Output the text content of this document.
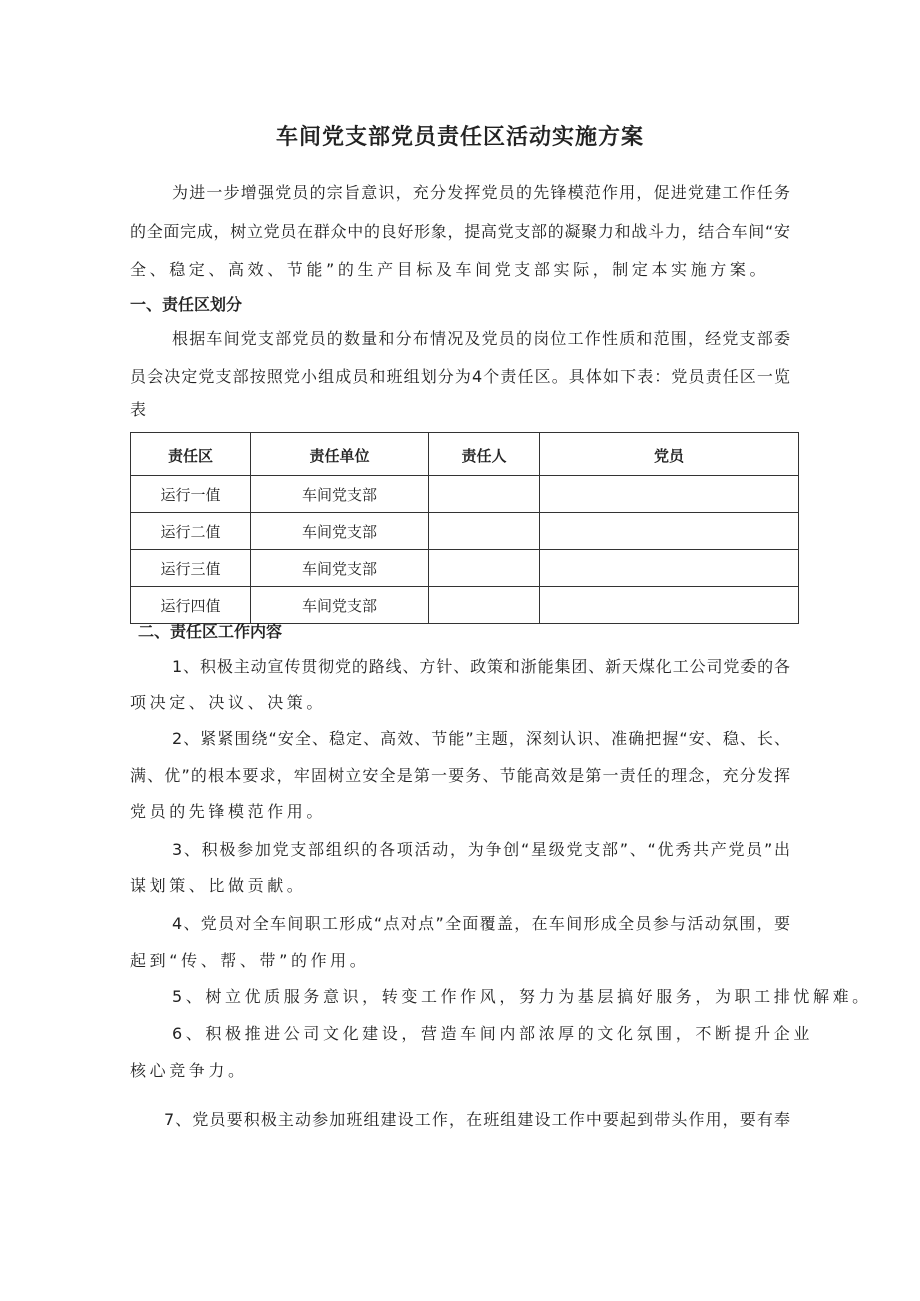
车间党支部党员责任区活动实施方案
为进一步增强党员的宗旨意识，充分发挥党员的先锋模范作用，促进党建工作任务
的全面完成，树立党员在群众中的良好形象，提高党支部的凝聚力和战斗力，结合车间“安
全、稳定、高效、节能”的生产目标及车间党支部实际，制定本实施方案。
一、责任区划分
根据车间党支部党员的数量和分布情况及党员的岗位工作性质和范围，经党支部委
员会决定党支部按照党小组成员和班组划分为4个责任区。具体如下表：党员责任区一览
表
责任区	责任单位	责任人	党员
运行一值	车间党支部		
运行二值	车间党支部		
运行三值	车间党支部		
运行四值	车间党支部		
二、责任区工作内容
1、积极主动宣传贯彻党的路线、方针、政策和浙能集团、新天煤化工公司党委的各
项决定、决议、决策。
2、紧紧围绕“安全、稳定、高效、节能”主题，深刻认识、准确把握“安、稳、长、
满、优”的根本要求，牢固树立安全是第一要务、节能高效是第一责任的理念，充分发挥
党员的先锋模范作用。
3、积极参加党支部组织的各项活动，为争创“星级党支部”、“优秀共产党员”出
谋划策、比做贡献。
4、党员对全车间职工形成“点对点”全面覆盖，在车间形成全员参与活动氛围，要
起到“传、帮、带”的作用。
5、树立优质服务意识，转变工作作风，努力为基层搞好服务，为职工排忧解难。
6、积极推进公司文化建设，营造车间内部浓厚的文化氛围，不断提升企业
核心竞争力。
7、党员要积极主动参加班组建设工作，在班组建设工作中要起到带头作用，要有奉
